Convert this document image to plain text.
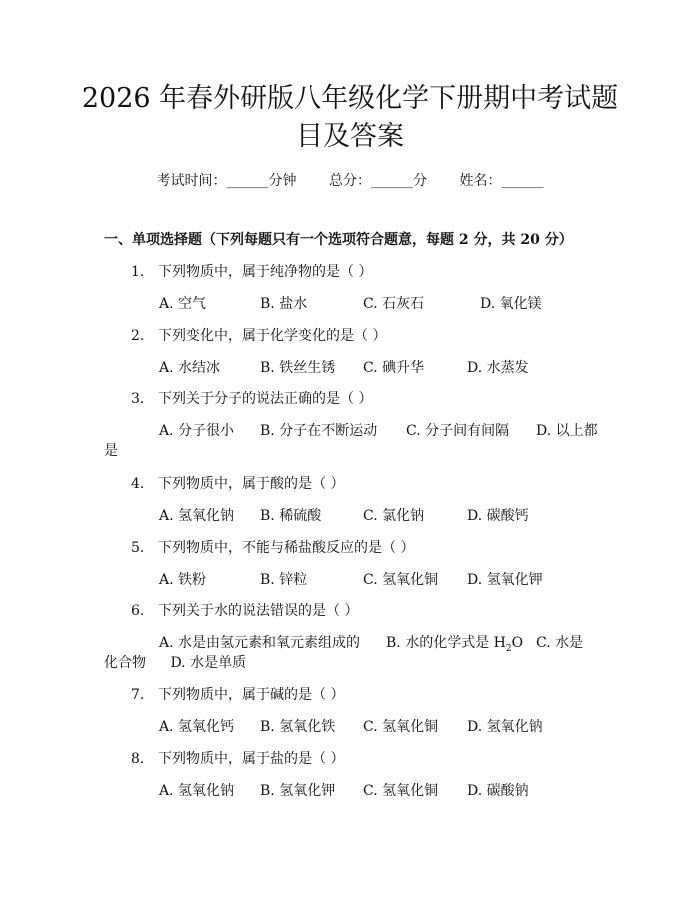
2026 年春外研版八年级化学下册期中考试题
目及答案
考试时间：______分钟 总分：______分 姓名：______
一、单项选择题（下列每题只有一个选项符合题意，每题 2 分，共 20 分）
1. 下列物质中，属于纯净物的是（ ）
A. 空气	B. 盐水	C. 石灰石	D. 氧化镁
2. 下列变化中，属于化学变化的是（ ）
A. 水结冰	B. 铁丝生锈 C. 碘升华	D. 水蒸发
3. 下列关于分子的说法正确的是（ ）
A. 分子很小 B. 分子在不断运动 C. 分子间有间隔 D. 以上都
是
4. 下列物质中，属于酸的是（ ）
A. 氢氧化钠 B. 稀硫酸	C. 氯化钠	D. 碳酸钙
5. 下列物质中，不能与稀盐酸反应的是（ ）
A. 铁粉	B. 锌粒	C. 氢氧化铜 D. 氢氧化钾
6. 下列关于水的说法错误的是（ ）
A. 水是由氢元素和氧元素组成的 B. 水的化学式是 $H_2O$ C. 水是
化合物 D. 水是单质
7. 下列物质中，属于碱的是（ ）
A. 氢氧化钙 B. 氢氧化铁 C. 氢氧化铜 D. 氢氧化钠
8. 下列物质中，属于盐的是（ ）
A. 氢氧化钠 B. 氢氧化钾 C. 氢氧化铜 D. 碳酸钠
